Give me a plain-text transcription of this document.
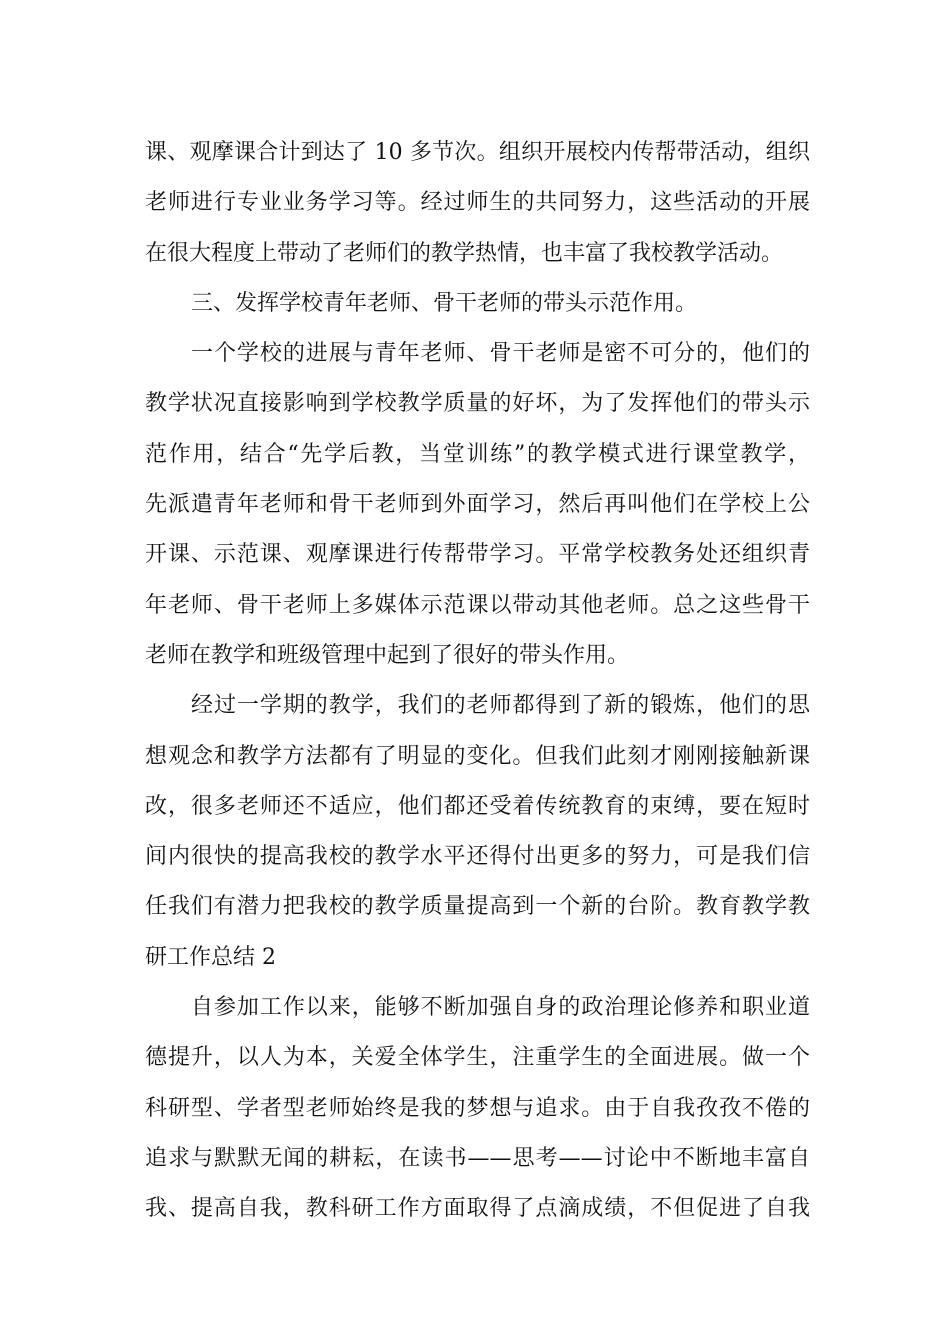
课、观摩课合计到达了 10 多节次。组织开展校内传帮带活动，组织
老师进行专业业务学习等。经过师生的共同努力，这些活动的开展
在很大程度上带动了老师们的教学热情，也丰富了我校教学活动。
三、发挥学校青年老师、骨干老师的带头示范作用。
一个学校的进展与青年老师、骨干老师是密不可分的，他们的
教学状况直接影响到学校教学质量的好坏，为了发挥他们的带头示
范作用，结合“先学后教，当堂训练”的教学模式进行课堂教学，
先派遣青年老师和骨干老师到外面学习，然后再叫他们在学校上公
开课、示范课、观摩课进行传帮带学习。平常学校教务处还组织青
年老师、骨干老师上多媒体示范课以带动其他老师。总之这些骨干
老师在教学和班级管理中起到了很好的带头作用。
经过一学期的教学，我们的老师都得到了新的锻炼，他们的思
想观念和教学方法都有了明显的变化。但我们此刻才刚刚接触新课
改，很多老师还不适应，他们都还受着传统教育的束缚，要在短时
间内很快的提高我校的教学水平还得付出更多的努力，可是我们信
任我们有潜力把我校的教学质量提高到一个新的台阶。教育教学教
研工作总结 2
自参加工作以来，能够不断加强自身的政治理论修养和职业道
德提升，以人为本，关爱全体学生，注重学生的全面进展。做一个
科研型、学者型老师始终是我的梦想与追求。由于自我孜孜不倦的
追求与默默无闻的耕耘，在读书——思考——讨论中不断地丰富自
我、提高自我，教科研工作方面取得了点滴成绩，不但促进了自我
